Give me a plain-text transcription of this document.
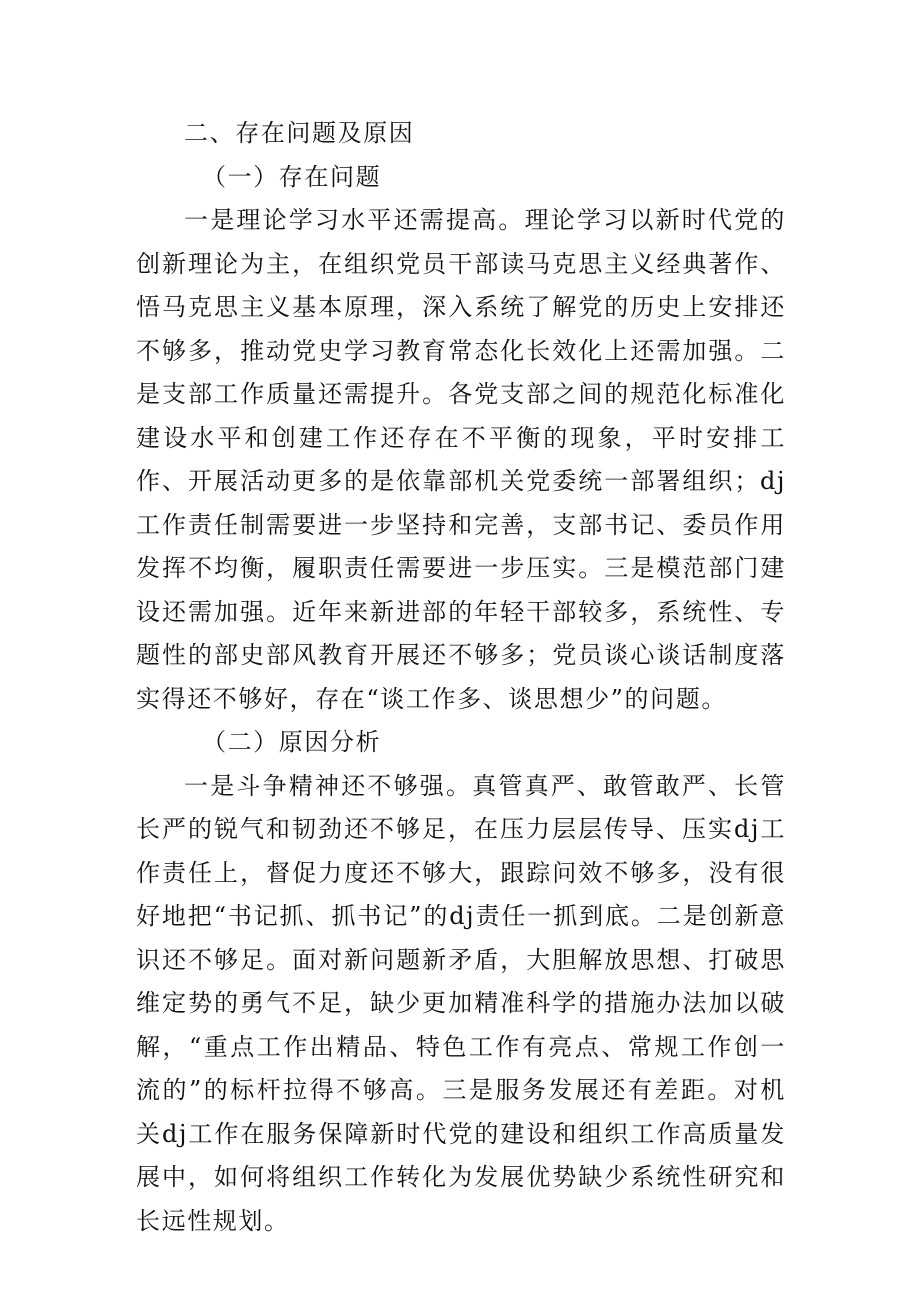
二、存在问题及原因

（一）存在问题

一是理论学习水平还需提高。理论学习以新时代党的创新理论为主，在组织党员干部读马克思主义经典著作、悟马克思主义基本原理，深入系统了解党的历史上安排还不够多，推动党史学习教育常态化长效化上还需加强。二是支部工作质量还需提升。各党支部之间的规范化标准化建设水平和创建工作还存在不平衡的现象，平时安排工作、开展活动更多的是依靠部机关党委统一部署组织；dj工作责任制需要进一步坚持和完善，支部书记、委员作用发挥不均衡，履职责任需要进一步压实。三是模范部门建设还需加强。近年来新进部的年轻干部较多，系统性、专题性的部史部风教育开展还不够多；党员谈心谈话制度落实得还不够好，存在“谈工作多、谈思想少”的问题。

（二）原因分析

一是斗争精神还不够强。真管真严、敢管敢严、长管长严的锐气和韧劲还不够足，在压力层层传导、压实dj工作责任上，督促力度还不够大，跟踪问效不够多，没有很好地把“书记抓、抓书记”的dj责任一抓到底。二是创新意识还不够足。面对新问题新矛盾，大胆解放思想、打破思维定势的勇气不足，缺少更加精准科学的措施办法加以破解，“重点工作出精品、特色工作有亮点、常规工作创一流的”的标杆拉得不够高。三是服务发展还有差距。对机关dj工作在服务保障新时代党的建设和组织工作高质量发展中，如何将组织工作转化为发展优势缺少系统性研究和长远性规划。
